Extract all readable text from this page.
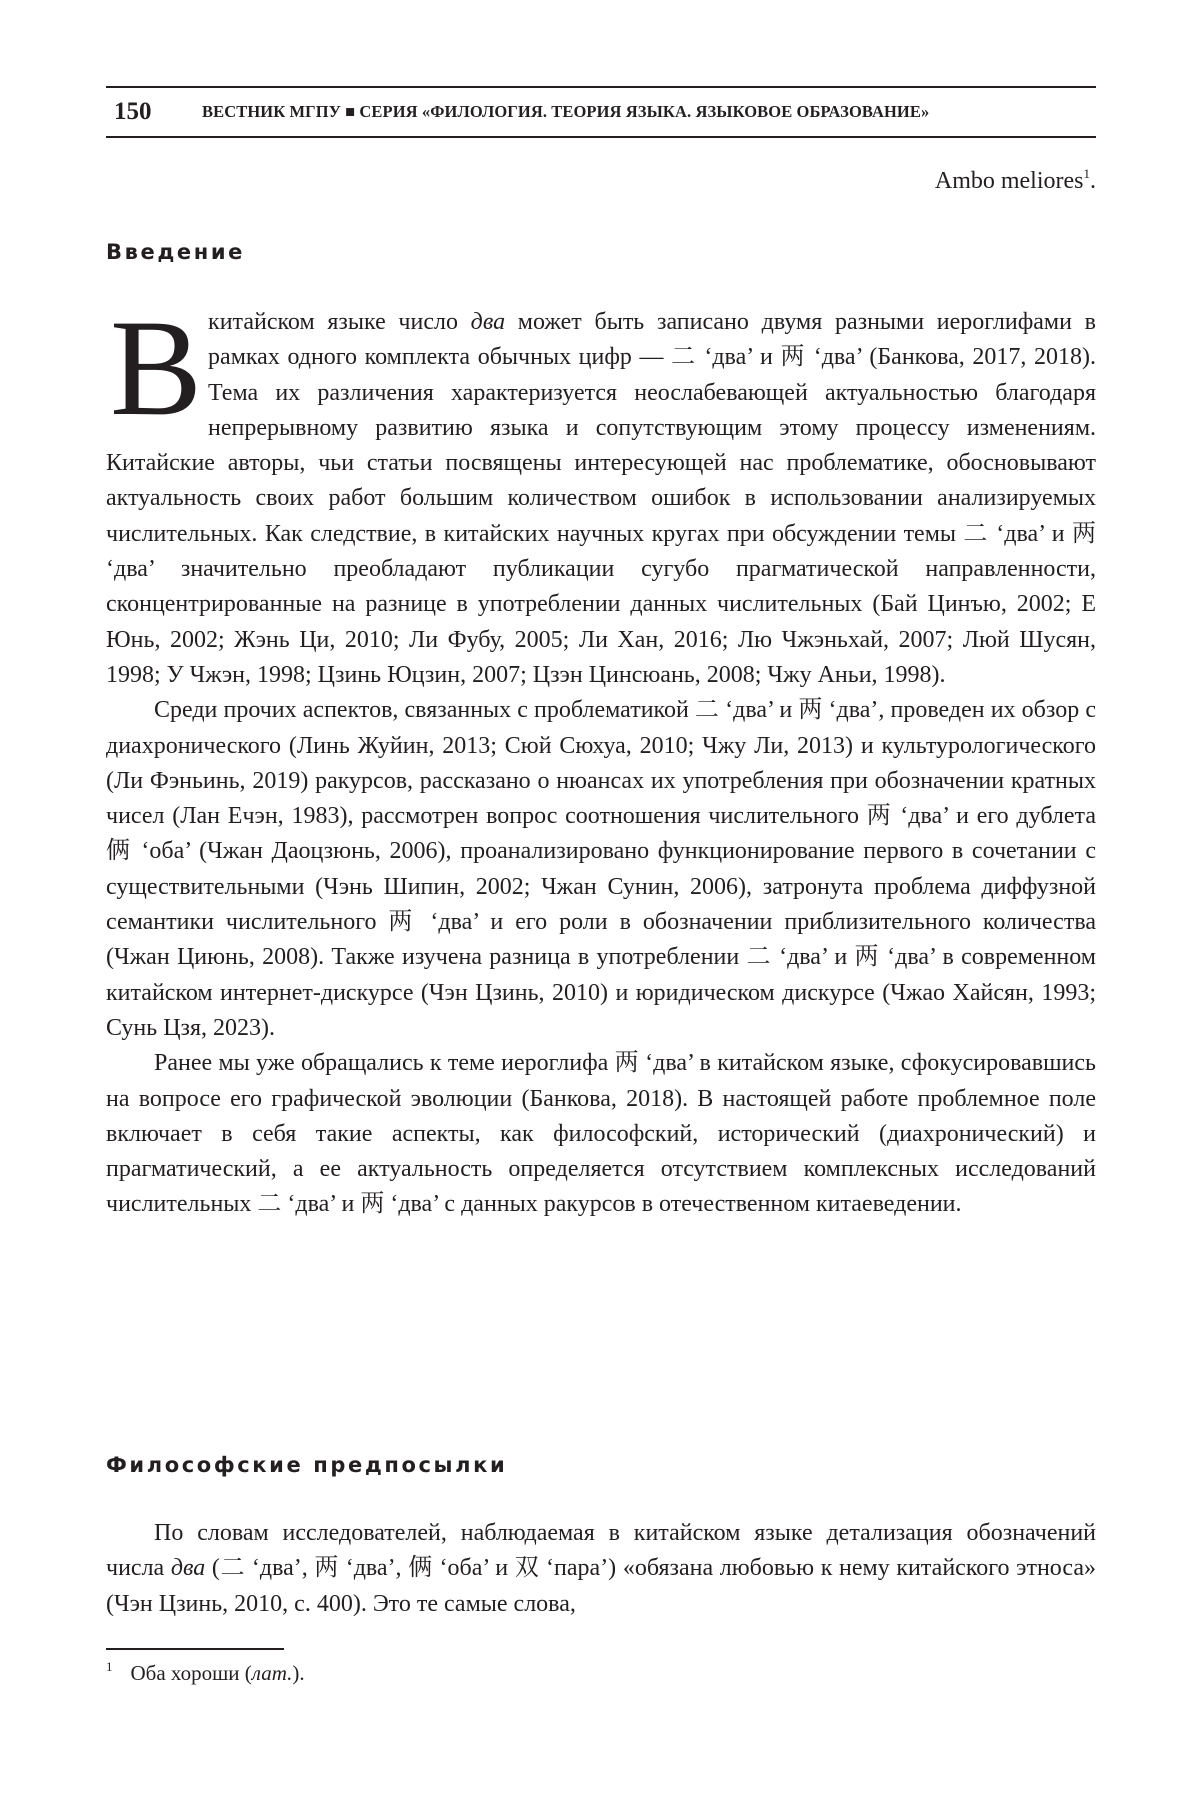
150	ВЕСТНИК МГПУ ■ СЕРИЯ «ФИЛОЛОГИЯ. ТЕОРИЯ ЯЗЫКА. ЯЗЫКОВОЕ ОБРАЗОВАНИЕ»
Ambo meliores1.
Введение

В китайском языке число два может быть записано двумя разными иероглифами в рамках одного комплекта обычных цифр — 二 ‘два’ и 两 ‘два’ (Банкова, 2017, 2018). Тема их различения характеризует­ся неослабевающей актуальностью благодаря непрерывному развитию языка и сопутствующим этому процессу изменениям. Китайские авторы, чьи статьи посвящены интересующей нас проблематике, обосновывают актуальность своих работ большим количеством ошибок в использовании анализируемых числительных. Как следствие, в китайских научных кругах при обсуждении темы 二 ‘два’ и 两 ‘два’ значительно преобладают публикации сугубо прагмати­ческой направленности, сконцентрированные на разнице в употреблении дан­ных числительных (Бай Цинъю, 2002; Е Юнь, 2002; Жэнь Ци, 2010; Ли Фубу, 2005; Ли Хан, 2016; Лю Чжэньхай, 2007; Люй Шусян, 1998; У Чжэн, 1998; Цзинь Юцзин, 2007; Цзэн Цинсюань, 2008; Чжу Аньи, 1998).

Среди прочих аспектов, связанных с проблематикой 二 ‘два’ и 两 ‘два’, прове­ден их обзор с диахронического (Линь Жуйин, 2013; Сюй Сюхуа, 2010; Чжу Ли, 2013) и культурологического (Ли Фэньинь, 2019) ракурсов, рассказано о нюансах их употребления при обозначении кратных чисел (Лан Ечэн, 1983), рассмотрен вопрос соотношения числительного 两 ‘два’ и его дублета 俩 ‘оба’ (Чжан Даоцзюнь, 2006), проанализировано функционирование первого в сочетании с существитель­ными (Чэнь Шипин, 2002; Чжан Сунин, 2006), затронута проблема диффузной семантики числительного 两 ‘два’ и его роли в обозначении приблизительного количества (Чжан Циюнь, 2008). Также изучена разница в употреблении 二 ‘два’ и 两 ‘два’ в современном китайском интернет-дискурсе (Чэн Цзинь, 2010) и юриди­ческом дискурсе (Чжао Хайсян, 1993; Сунь Цзя, 2023).

Ранее мы уже обращались к теме иероглифа 两 ‘два’ в китайском языке, сфокусировавшись на вопросе его графической эволюции (Банкова, 2018). В настоящей работе проблемное поле включает в себя такие аспекты, как фило­софский, исторический (диахронический) и прагматический, а ее актуальность определяется отсутствием комплексных исследований числительных 二 ‘два’ и 两 ‘два’ с данных ракурсов в отечественном китаеведении.

Философские предпосылки

По словам исследователей, наблюдаемая в китайском языке детализация обозначений числа два (二 ‘два’, 两 ‘два’, 俩 ‘оба’ и 双 ‘пара’) «обязана любо­вью к нему китайского этноса» (Чэн Цзинь, 2010, с. 400). Это те самые слова,

1 Оба хороши (лат.).
